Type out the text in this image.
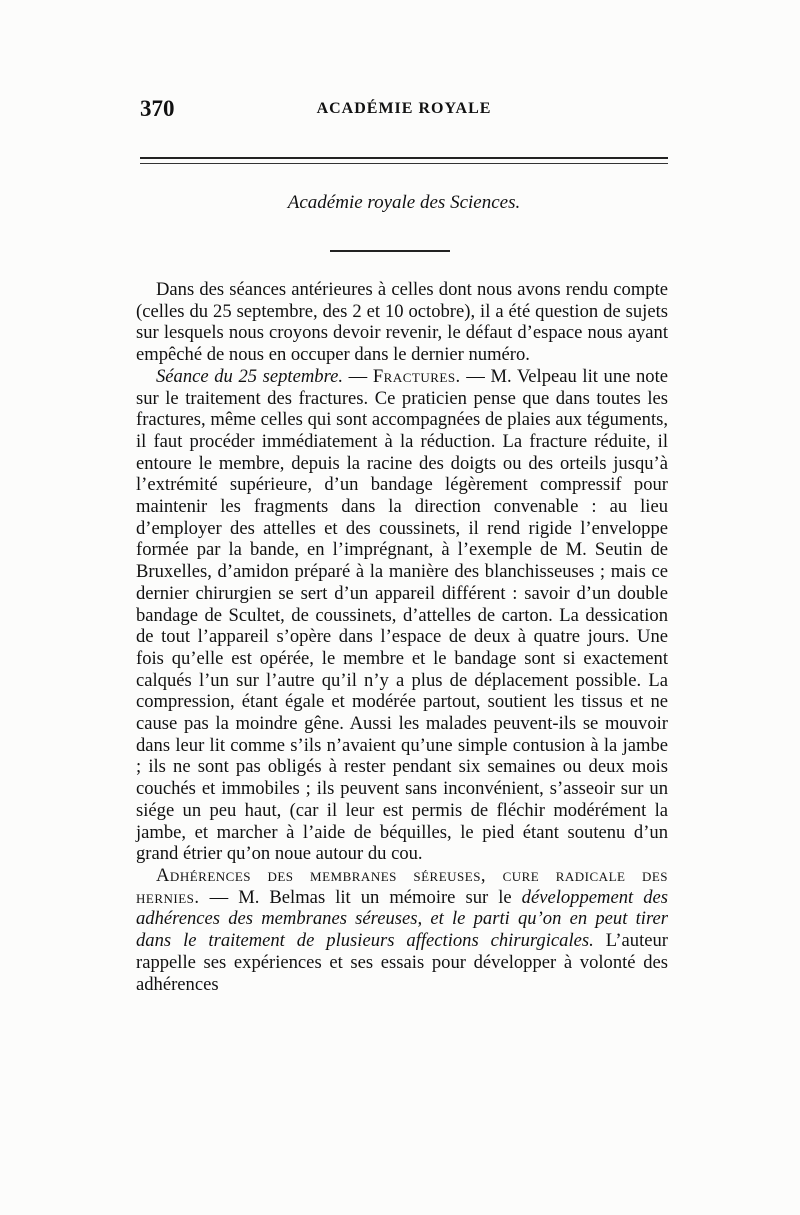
370	ACADÉMIE ROYALE
Académie royale des Sciences.

Dans des séances antérieures à celles dont nous avons rendu compte (celles du 25 septembre, des 2 et 10 octobre), il a été question de sujets sur lesquels nous croyons devoir revenir, le défaut d’espace nous ayant empêché de nous en occuper dans le dernier numéro.

Séance du 25 septembre. — Fractures. — M. Velpeau lit une note sur le traitement des fractures. Ce praticien pense que dans toutes les fractures, même celles qui sont accompagnées de plaies aux téguments, il faut procéder immédiatement à la réduction. La fracture réduite, il entoure le membre, depuis la racine des doigts ou des orteils jusqu’à l’extrémité supérieure, d’un bandage légèrement compressif pour maintenir les fragments dans la direction convenable : au lieu d’employer des attelles et des coussinets, il rend rigide l’enveloppe formée par la bande, en l’imprégnant, à l’exemple de M. Seutin de Bruxelles, d’amidon préparé à la manière des blanchisseuses ; mais ce dernier chirurgien se sert d’un appareil différent : savoir d’un double bandage de Scultet, de coussinets, d’attelles de carton. La dessication de tout l’appareil s’opère dans l’espace de deux à quatre jours. Une fois qu’elle est opérée, le membre et le bandage sont si exactement calqués l’un sur l’autre qu’il n’y a plus de déplacement possible. La compression, étant égale et modérée partout, soutient les tissus et ne cause pas la moindre gêne. Aussi les malades peuvent-ils se mouvoir dans leur lit comme s’ils n’avaient qu’une simple contusion à la jambe ; ils ne sont pas obligés à rester pendant six semaines ou deux mois couchés et immobiles ; ils peuvent sans inconvénient, s’asseoir sur un siége un peu haut, (car il leur est permis de fléchir modérément la jambe, et marcher à l’aide de béquilles, le pied étant soutenu d’un grand étrier qu’on noue autour du cou.

Adhérences des membranes séreuses, cure radicale des hernies. — M. Belmas lit un mémoire sur le développement des adhérences des membranes séreuses, et le parti qu’on en peut tirer dans le traitement de plusieurs affections chirurgicales. L’auteur rappelle ses expériences et ses essais pour développer à volonté des adhérences
